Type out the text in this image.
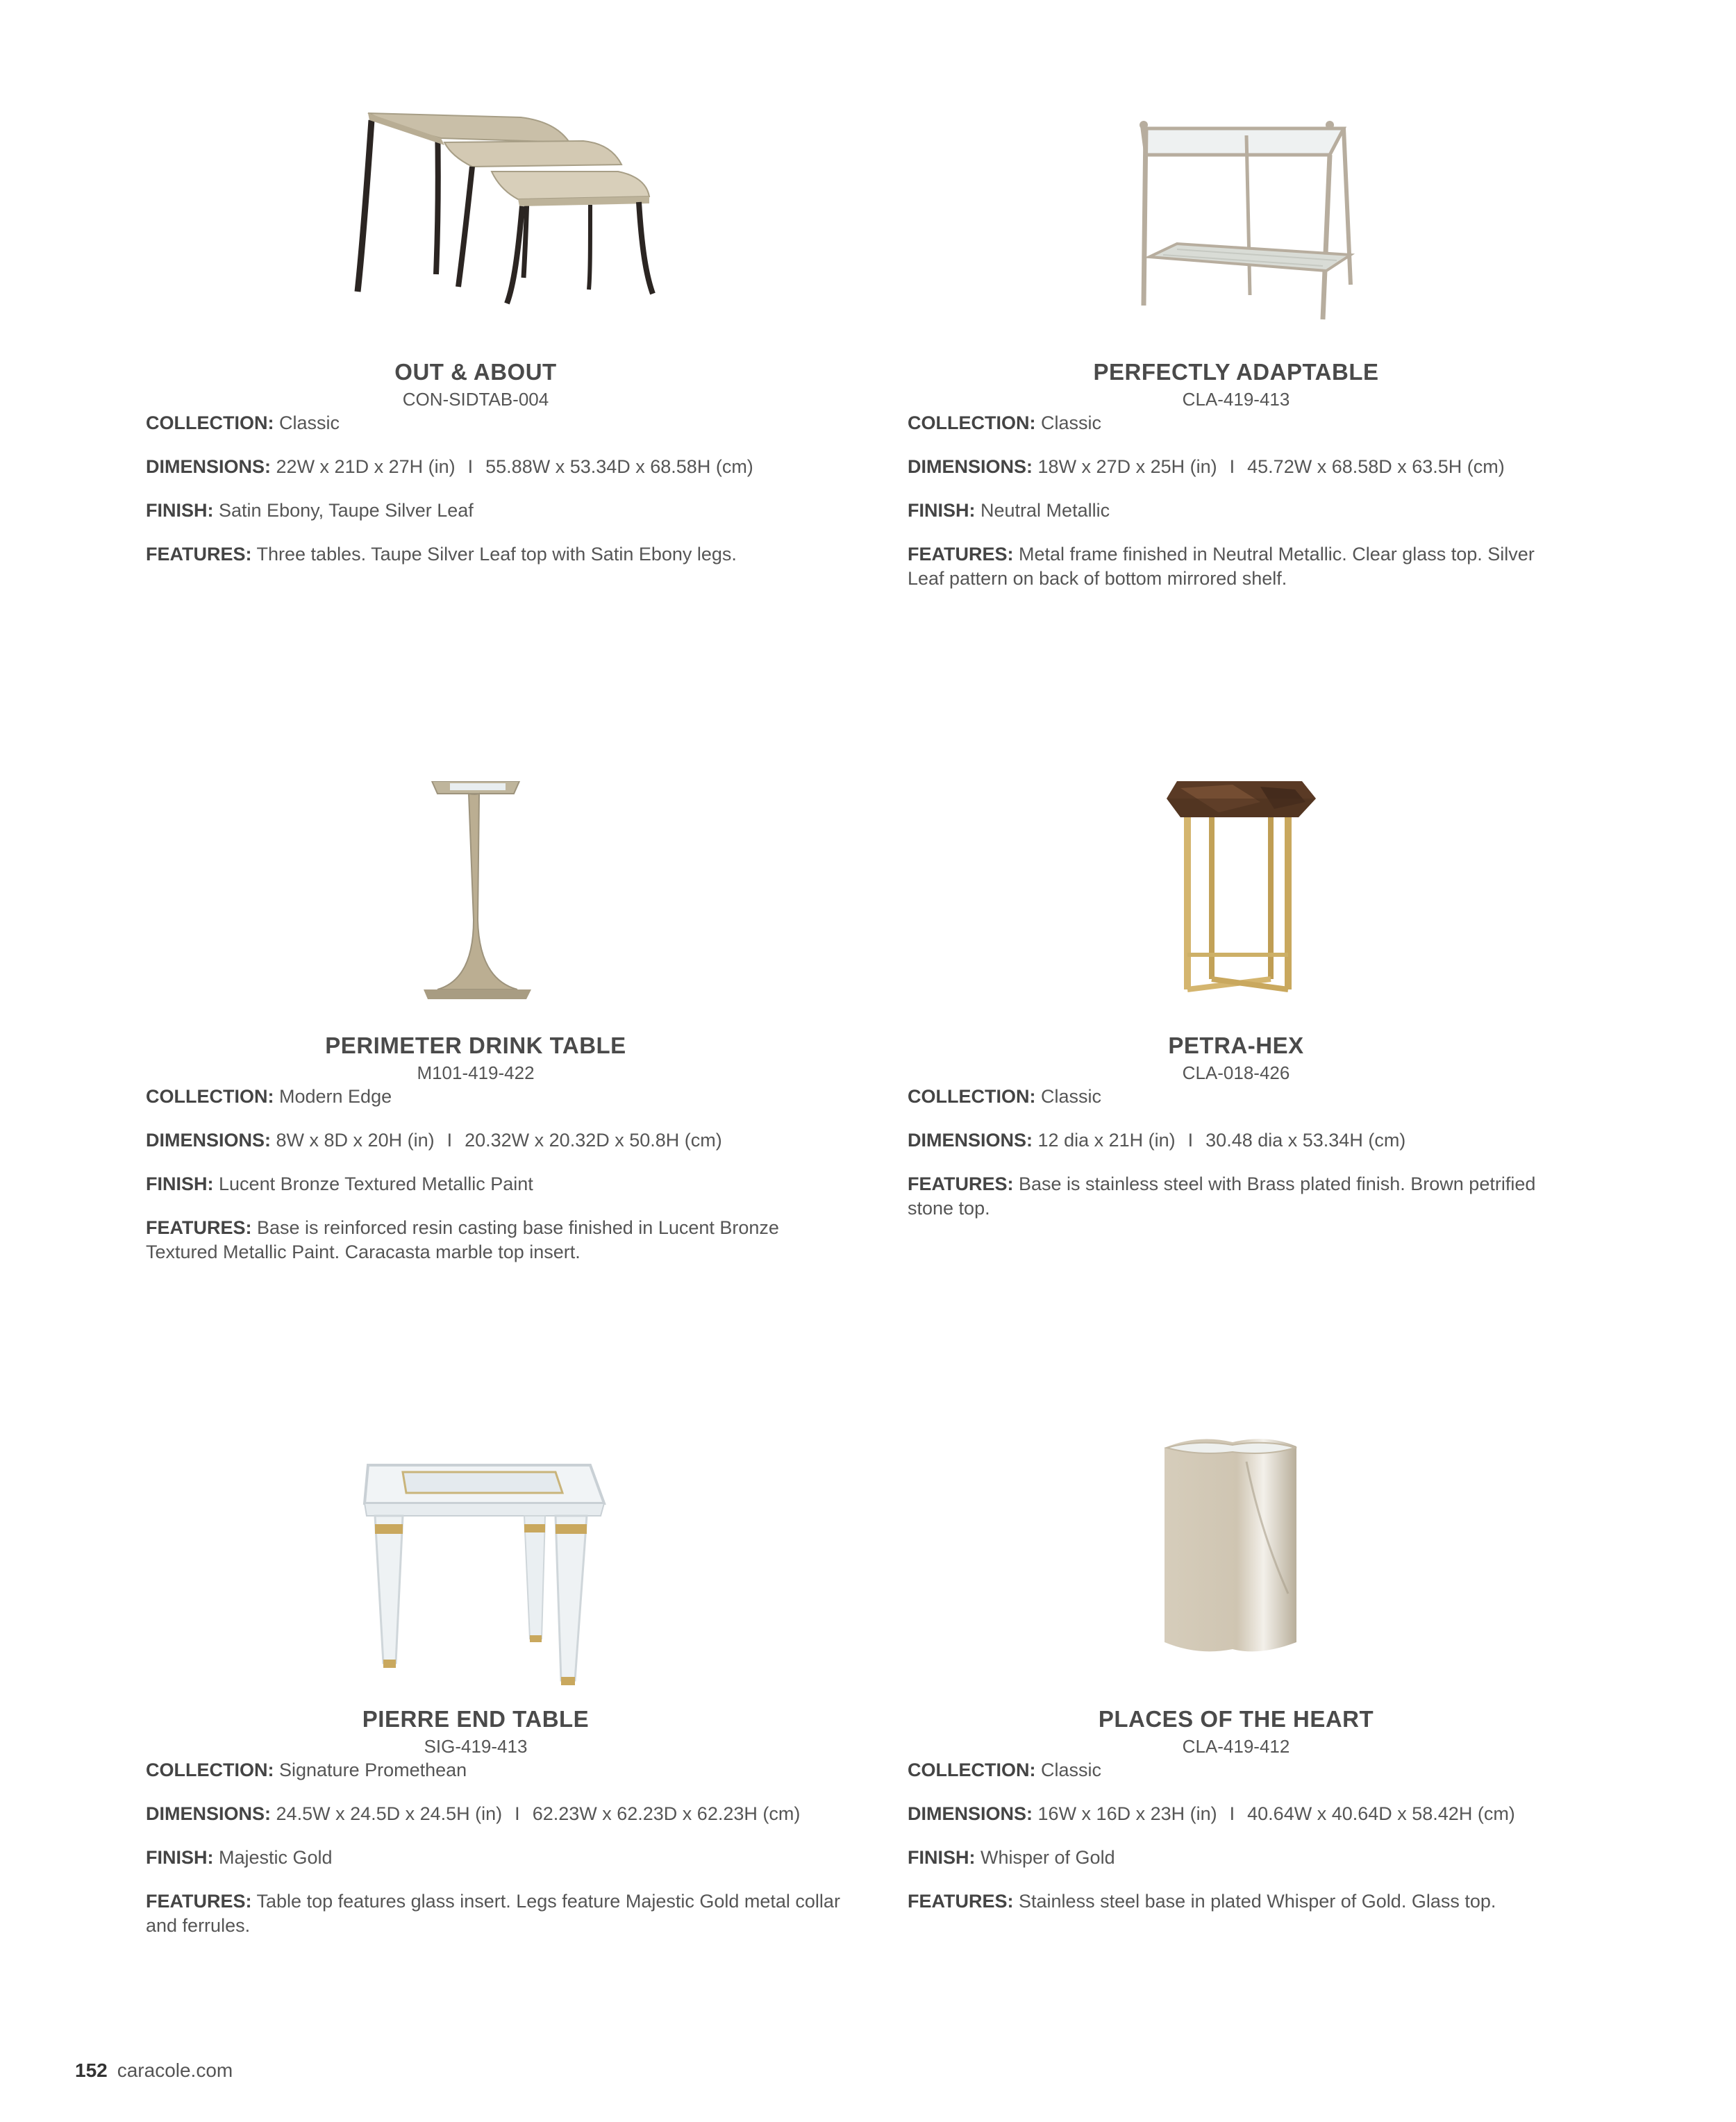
OUT & ABOUT
CON-SIDTAB-004
COLLECTION: Classic
DIMENSIONS: 22W x 21D x 27H (in) I 55.88W x 53.34D x 68.58H (cm)
FINISH: Satin Ebony, Taupe Silver Leaf
FEATURES: Three tables. Taupe Silver Leaf top with Satin Ebony legs.
PERFECTLY ADAPTABLE
CLA-419-413
COLLECTION: Classic
DIMENSIONS: 18W x 27D x 25H (in) I 45.72W x 68.58D x 63.5H (cm)
FINISH: Neutral Metallic
FEATURES: Metal frame finished in Neutral Metallic. Clear glass top. Silver Leaf pattern on back of bottom mirrored shelf.
PERIMETER DRINK TABLE
M101-419-422
COLLECTION: Modern Edge
DIMENSIONS: 8W x 8D x 20H (in) I 20.32W x 20.32D x 50.8H (cm)
FINISH: Lucent Bronze Textured Metallic Paint
FEATURES: Base is reinforced resin casting base finished in Lucent Bronze Textured Metallic Paint. Caracasta marble top insert.
PETRA-HEX
CLA-018-426
COLLECTION: Classic
DIMENSIONS: 12 dia x 21H (in) I 30.48 dia x 53.34H (cm)
FEATURES: Base is stainless steel with Brass plated finish. Brown petrified stone top.
PIERRE END TABLE
SIG-419-413
COLLECTION: Signature Promethean
DIMENSIONS: 24.5W x 24.5D x 24.5H (in) I 62.23W x 62.23D x 62.23H (cm)
FINISH: Majestic Gold
FEATURES: Table top features glass insert. Legs feature Majestic Gold metal collar and ferrules.
PLACES OF THE HEART
CLA-419-412
COLLECTION: Classic
DIMENSIONS: 16W x 16D x 23H (in) I 40.64W x 40.64D x 58.42H (cm)
FINISH: Whisper of Gold
FEATURES: Stainless steel base in plated Whisper of Gold. Glass top.
152 caracole.com
